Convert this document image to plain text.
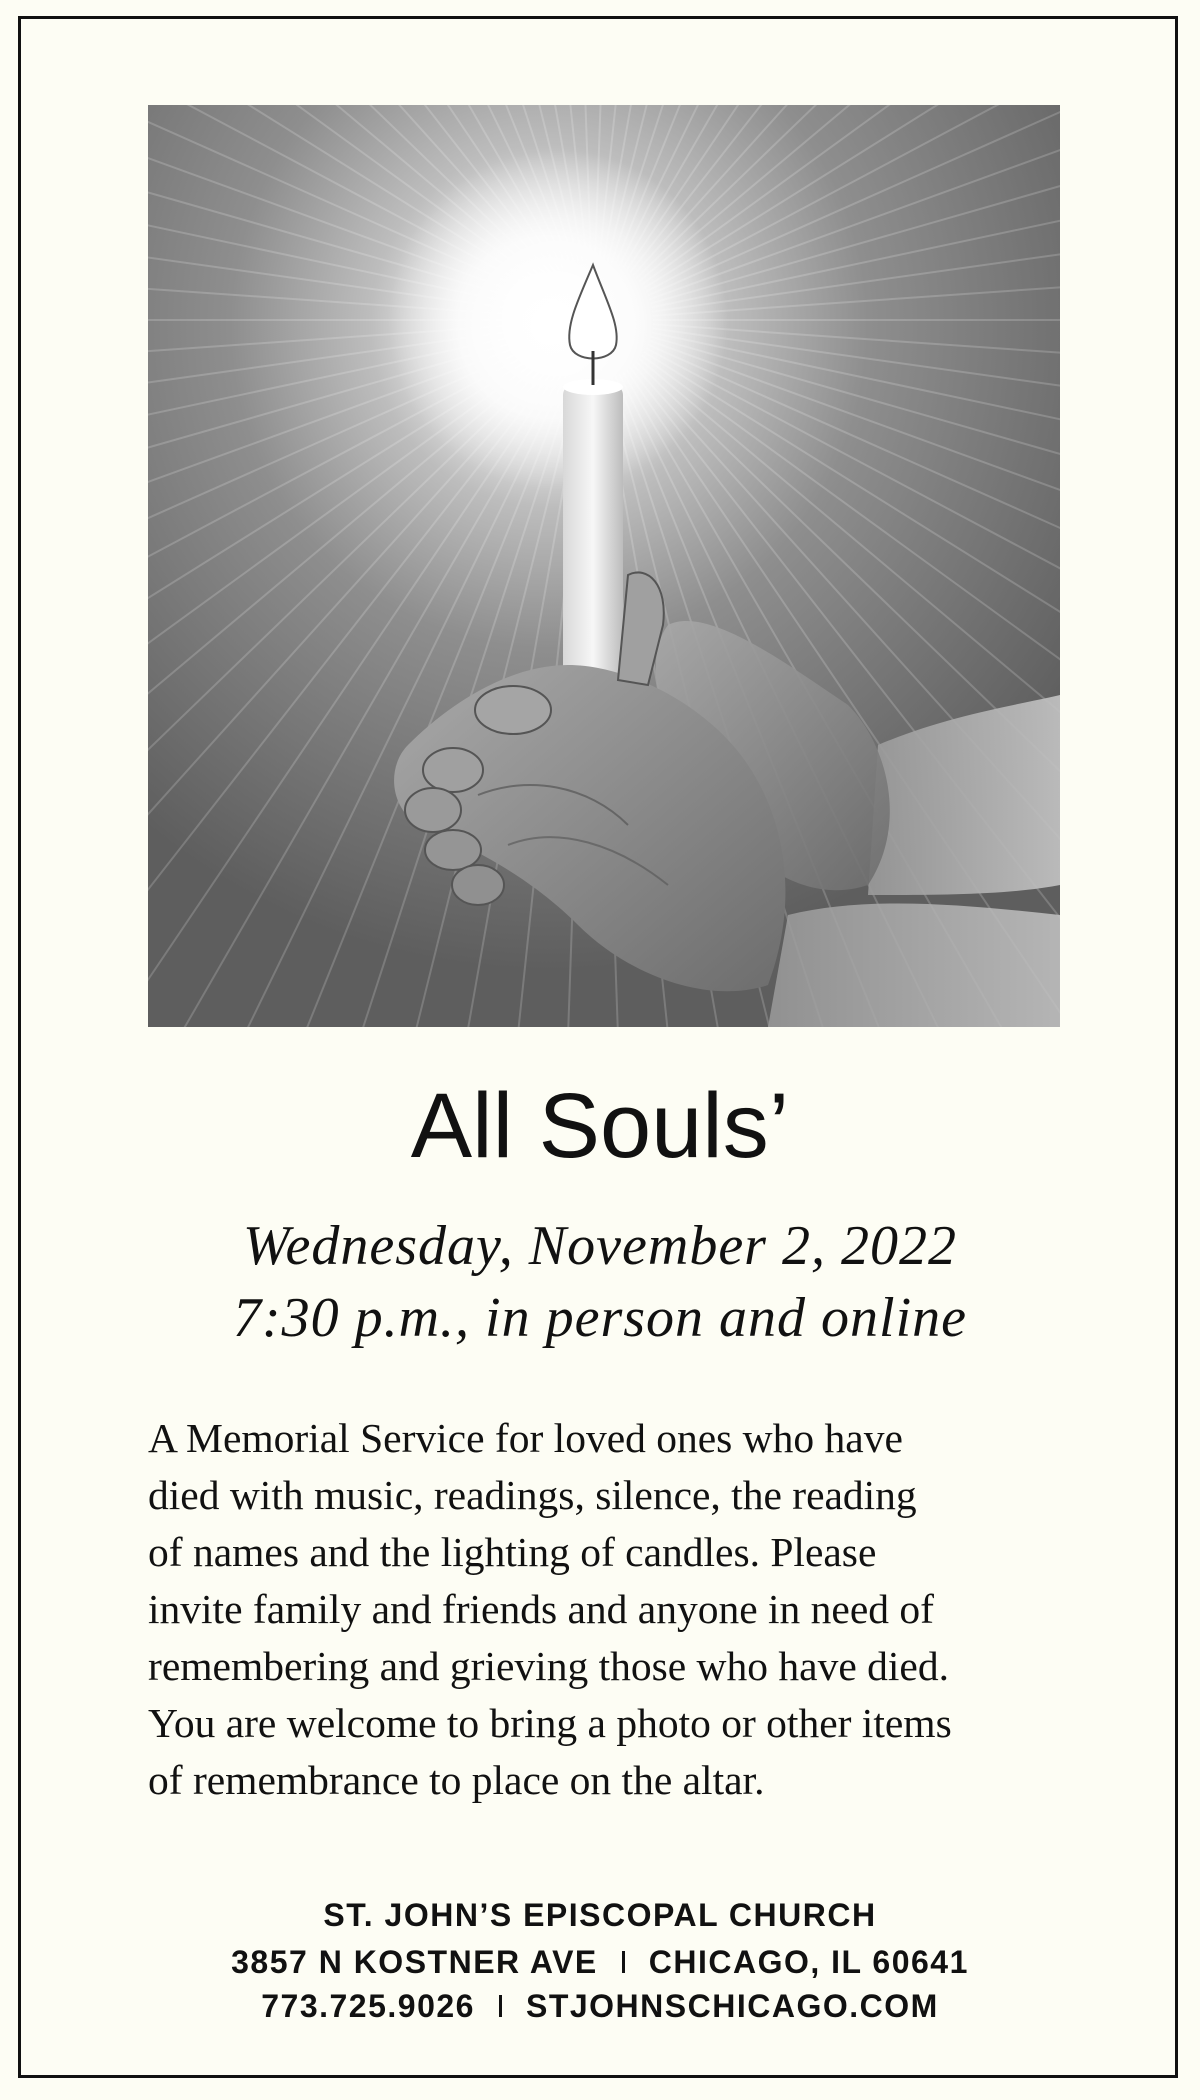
All Souls’
Wednesday, November 2, 2022
7:30 p.m., in person and online
A Memorial Service for loved ones who have
died with music, readings, silence, the reading
of names and the lighting of candles. Please
invite family and friends and anyone in need of
remembering and grieving those who have died.
You are welcome to bring a photo or other items
of remembrance to place on the altar.
ST. JOHN’S EPISCOPAL CHURCH
3857 N KOSTNER AVE CHICAGO, IL 60641
773.725.9026 STJOHNSCHICAGO.COM
